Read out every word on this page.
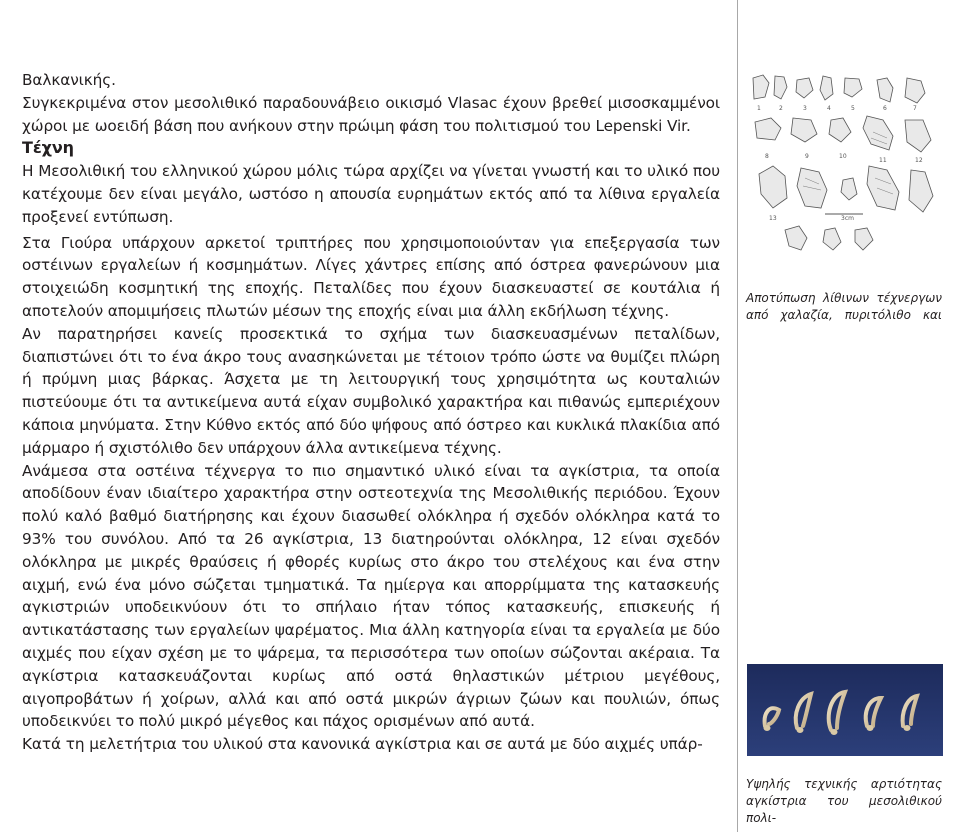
Βαλκανικής.

Συγκεκριμένα στον μεσολιθικό παραδουνάβειο οικισμό Vlasac έχουν βρεθεί μισοσκαμμένοι χώροι με ωοειδή βάση που ανήκουν στην πρώιμη φάση του πολιτισμού του Lepenski Vir.

Τέχνη

Η Μεσολιθική του ελληνικού χώρου μόλις τώρα αρχίζει να γίνεται γνωστή και το υλικό που κατέχουμε δεν είναι μεγάλο, ωστόσο η απουσία ευρημάτων εκτός από τα λίθινα εργαλεία προξενεί εντύπωση.

Στα Γιούρα υπάρχουν αρκετοί τριπτήρες που χρησιμοποιούνταν για επεξεργασία των οστέινων εργαλείων ή κοσμημάτων. Λίγες χάντρες επίσης από όστρεα φανερώνουν μια στοιχειώδη κοσμητική της εποχής. Πεταλίδες που έχουν διασκευαστεί σε κουτάλια ή αποτελούν απομιμήσεις πλωτών μέσων της εποχής είναι μια άλλη εκδήλωση τέχνης.

Αν παρατηρήσει κανείς προσεκτικά το σχήμα των διασκευασμένων πεταλίδων, διαπιστώνει ότι το ένα άκρο τους ανασηκώνεται με τέτοιον τρόπο ώστε να θυμίζει πλώρη ή πρύμνη μιας βάρκας. Άσχετα με τη λειτουργική τους χρησιμότητα ως κουταλιών πιστεύουμε ότι τα αντικείμενα αυτά είχαν συμβολικό χαρακτήρα και πιθανώς εμπεριέχουν κάποια μηνύματα. Στην Κύθνο εκτός από δύο ψήφους από όστρεο και κυκλικά πλακίδια από μάρμαρο ή σχιστόλιθο δεν υπάρχουν άλλα αντικείμενα τέχνης.

Ανάμεσα στα οστέινα τέχνεργα το πιο σημαντικό υλικό είναι τα αγκίστρια, τα οποία αποδίδουν έναν ιδιαίτερο χαρακτήρα στην οστεοτεχνία της Μεσολιθικής περιόδου. Έχουν πολύ καλό βαθμό διατήρησης και έχουν διασωθεί ολόκληρα ή σχεδόν ολόκληρα κατά το 93% του συνόλου. Από τα 26 αγκίστρια, 13 διατηρούνται ολόκληρα, 12 είναι σχεδόν ολόκληρα με μικρές θραύσεις ή φθορές κυρίως στο άκρο του στελέχους και ένα στην αιχμή, ενώ ένα μόνο σώζεται τμηματικά. Τα ημίεργα και απορρίμματα της κατασκευής αγκιστριών υποδεικνύουν ότι το σπήλαιο ήταν τόπος κατασκευής, επισκευής ή αντικατάστασης των εργαλείων ψαρέματος. Μια άλλη κατηγορία είναι τα εργαλεία με δύο αιχμές που είχαν σχέση με το ψάρεμα, τα περισσότερα των οποίων σώζονται ακέραια. Τα αγκίστρια κατασκευάζονται κυρίως από οστά θηλαστικών μέτριου μεγέθους, αιγοπροβάτων ή χοίρων, αλλά και από οστά μικρών άγριων ζώων και πουλιών, όπως υποδεικνύει το πολύ μικρό μέγεθος και πάχος ορισμένων από αυτά.

Κατά τη μελετήτρια του υλικού στα κανονικά αγκίστρια και σε αυτά με δύο αιχμές υπάρ-

1	2	3	4	5	6	7
8	9	10
11	12
13	3cm

Αποτύπωση λίθινων τέχνεργων από χαλαζία, πυριτόλιθο και

Υψηλής τεχνικής αρτιότητας αγκίστρια του μεσολιθικού πολι-
